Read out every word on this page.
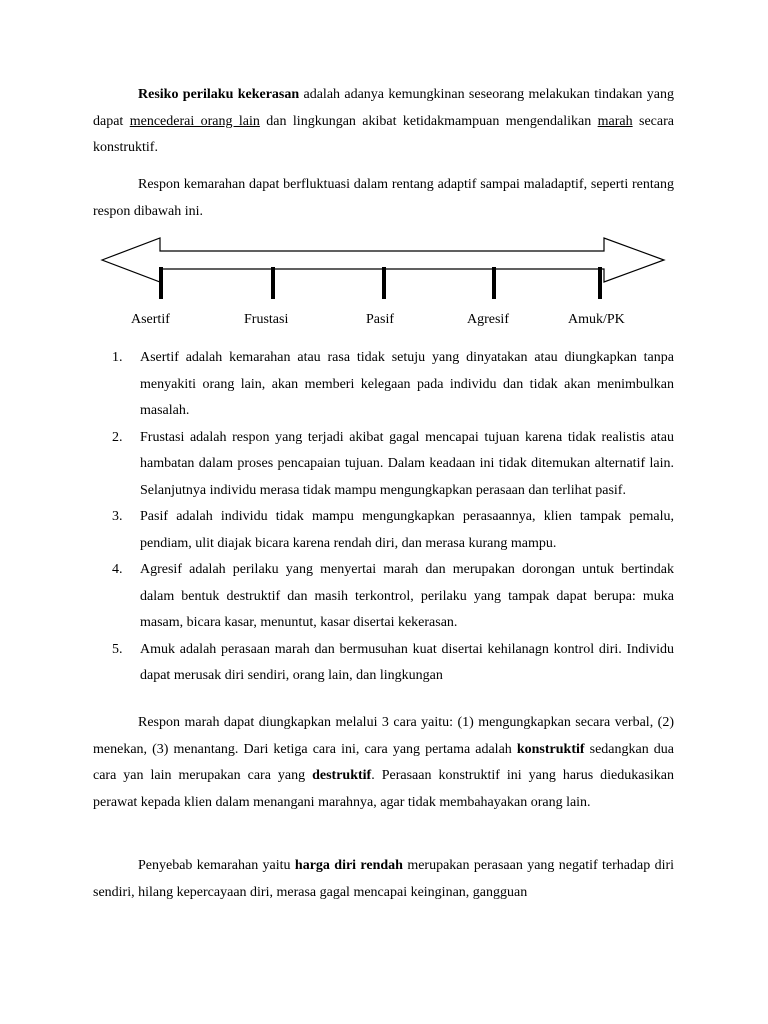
Resiko perilaku kekerasan adalah adanya kemungkinan seseorang melakukan tindakan yang dapat mencederai orang lain dan lingkungan akibat ketidakmampuan mengendalikan marah secara konstruktif.

Respon kemarahan dapat berfluktuasi dalam rentang adaptif sampai maladaptif, seperti rentang respon dibawah ini.

Asertif	Frustasi	Pasif	Agresif	Amuk/PK
1. Asertif adalah kemarahan atau rasa tidak setuju yang dinyatakan atau diungkapkan tanpa menyakiti orang lain, akan memberi kelegaan pada individu dan tidak akan menimbulkan masalah.
2. Frustasi adalah respon yang terjadi akibat gagal mencapai tujuan karena tidak realistis atau hambatan dalam proses pencapaian tujuan. Dalam keadaan ini tidak ditemukan alternatif lain. Selanjutnya individu merasa tidak mampu mengungkapkan perasaan dan terlihat pasif.
3. Pasif adalah individu tidak mampu mengungkapkan perasaannya, klien tampak pemalu, pendiam, ulit diajak bicara karena rendah diri, dan merasa kurang mampu.
4. Agresif adalah perilaku yang menyertai marah dan merupakan dorongan untuk bertindak dalam bentuk destruktif dan masih terkontrol, perilaku yang tampak dapat berupa: muka masam, bicara kasar, menuntut, kasar disertai kekerasan.
5. Amuk adalah perasaan marah dan bermusuhan kuat disertai kehilanagn kontrol diri. Individu dapat merusak diri sendiri, orang lain, dan lingkungan

Respon marah dapat diungkapkan melalui 3 cara yaitu: (1) mengungkapkan secara verbal, (2) menekan, (3) menantang. Dari ketiga cara ini, cara yang pertama adalah konstruktif sedangkan dua cara yan lain merupakan cara yang destruktif. Perasaan konstruktif ini yang harus diedukasikan perawat kepada klien dalam menangani marahnya, agar tidak membahayakan orang lain.

Penyebab kemarahan yaitu harga diri rendah merupakan perasaan yang negatif terhadap diri sendiri, hilang kepercayaan diri, merasa gagal mencapai keinginan, gangguan
